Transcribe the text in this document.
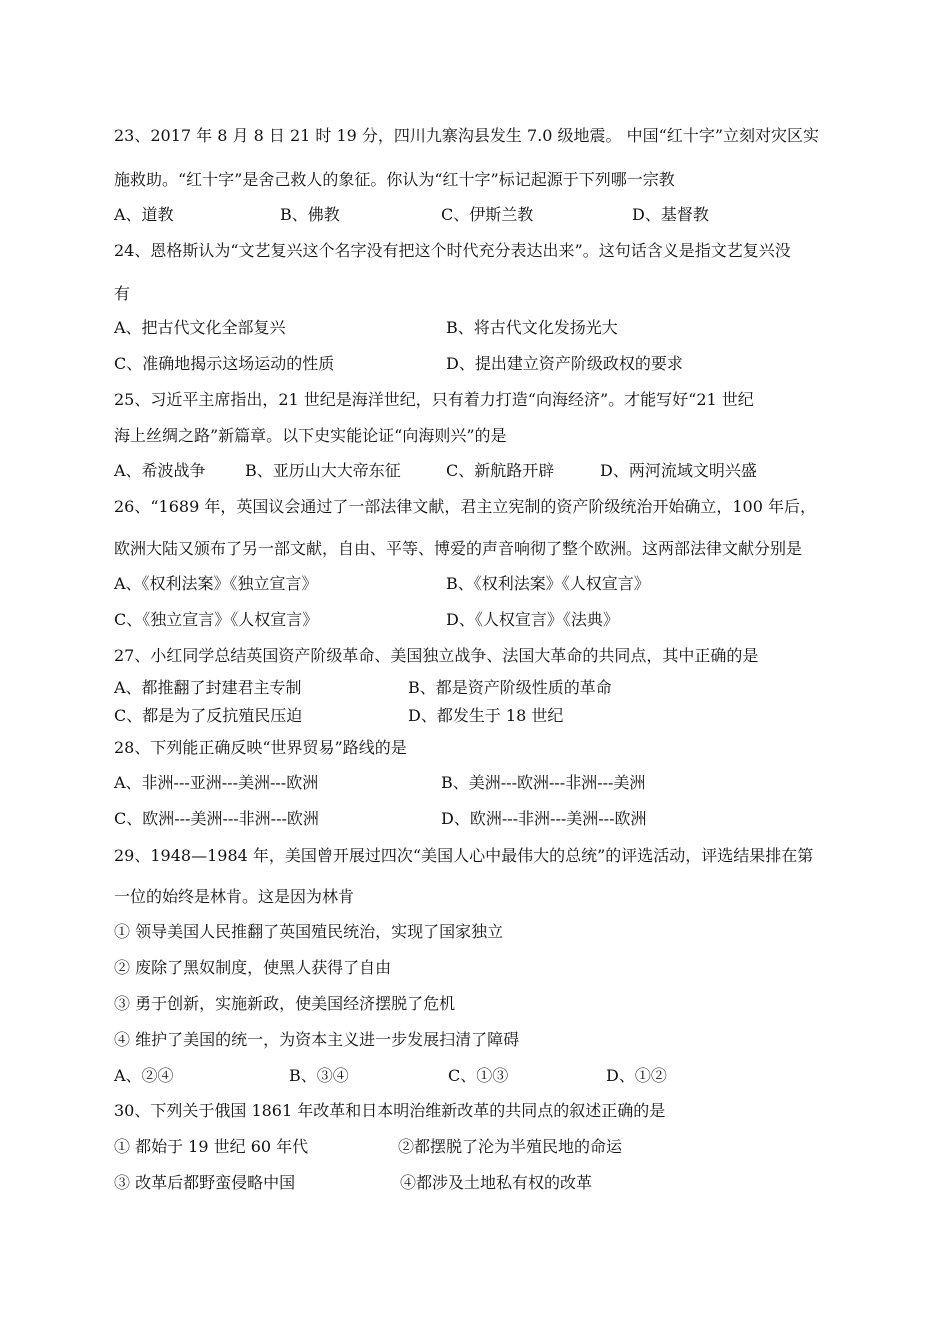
23、2017 年 8 月 8 日 21 时 19 分，四川九寨沟县发生 7.0 级地震。 中国“红十字”立刻对灾区实
施救助。“红十字”是舍己救人的象征。你认为“红十字”标记起源于下列哪一宗教
A、道教	B、佛教	C、伊斯兰教	D、基督教
24、恩格斯认为“文艺复兴这个名字没有把这个时代充分表达出来”。这句话含义是指文艺复兴没
有
A、把古代文化全部复兴	B、将古代文化发扬光大
C、准确地揭示这场运动的性质	D、提出建立资产阶级政权的要求
25、习近平主席指出，21 世纪是海洋世纪，只有着力打造“向海经济”。才能写好“21 世纪
海上丝绸之路”新篇章。以下史实能论证“向海则兴”的是
A、希波战争 B、亚历山大大帝东征	C、新航路开辟	D、两河流域文明兴盛
26、“1689 年，英国议会通过了一部法律文献，君主立宪制的资产阶级统治开始确立，100 年后，
欧洲大陆又颁布了另一部文献，自由、平等、博爱的声音响彻了整个欧洲。这两部法律文献分别是
A、《权利法案》《独立宣言》	B、《权利法案》《人权宣言》
C、《独立宣言》《人权宣言》	D、《人权宣言》《法典》
27、小红同学总结英国资产阶级革命、美国独立战争、法国大革命的共同点，其中正确的是
A、都推翻了封建君主专制	B、都是资产阶级性质的革命
C、都是为了反抗殖民压迫	D、都发生于 18 世纪
28、下列能正确反映“世界贸易”路线的是
A、非洲---亚洲---美洲---欧洲	B、美洲---欧洲---非洲---美洲
C、欧洲---美洲---非洲---欧洲	D、欧洲---非洲---美洲---欧洲
29、1948—1984 年，美国曾开展过四次“美国人心中最伟大的总统”的评选活动，评选结果排在第
一位的始终是林肯。这是因为林肯
① 领导美国人民推翻了英国殖民统治，实现了国家独立
② 废除了黑奴制度，使黑人获得了自由
③ 勇于创新，实施新政，使美国经济摆脱了危机
④ 维护了美国的统一，为资本主义进一步发展扫清了障碍
A、②④	B、③④	C、①③	D、①②
30、下列关于俄国 1861 年改革和日本明治维新改革的共同点的叙述正确的是
① 都始于 19 世纪 60 年代	②都摆脱了沦为半殖民地的命运
③ 改革后都野蛮侵略中国	④都涉及土地私有权的改革
